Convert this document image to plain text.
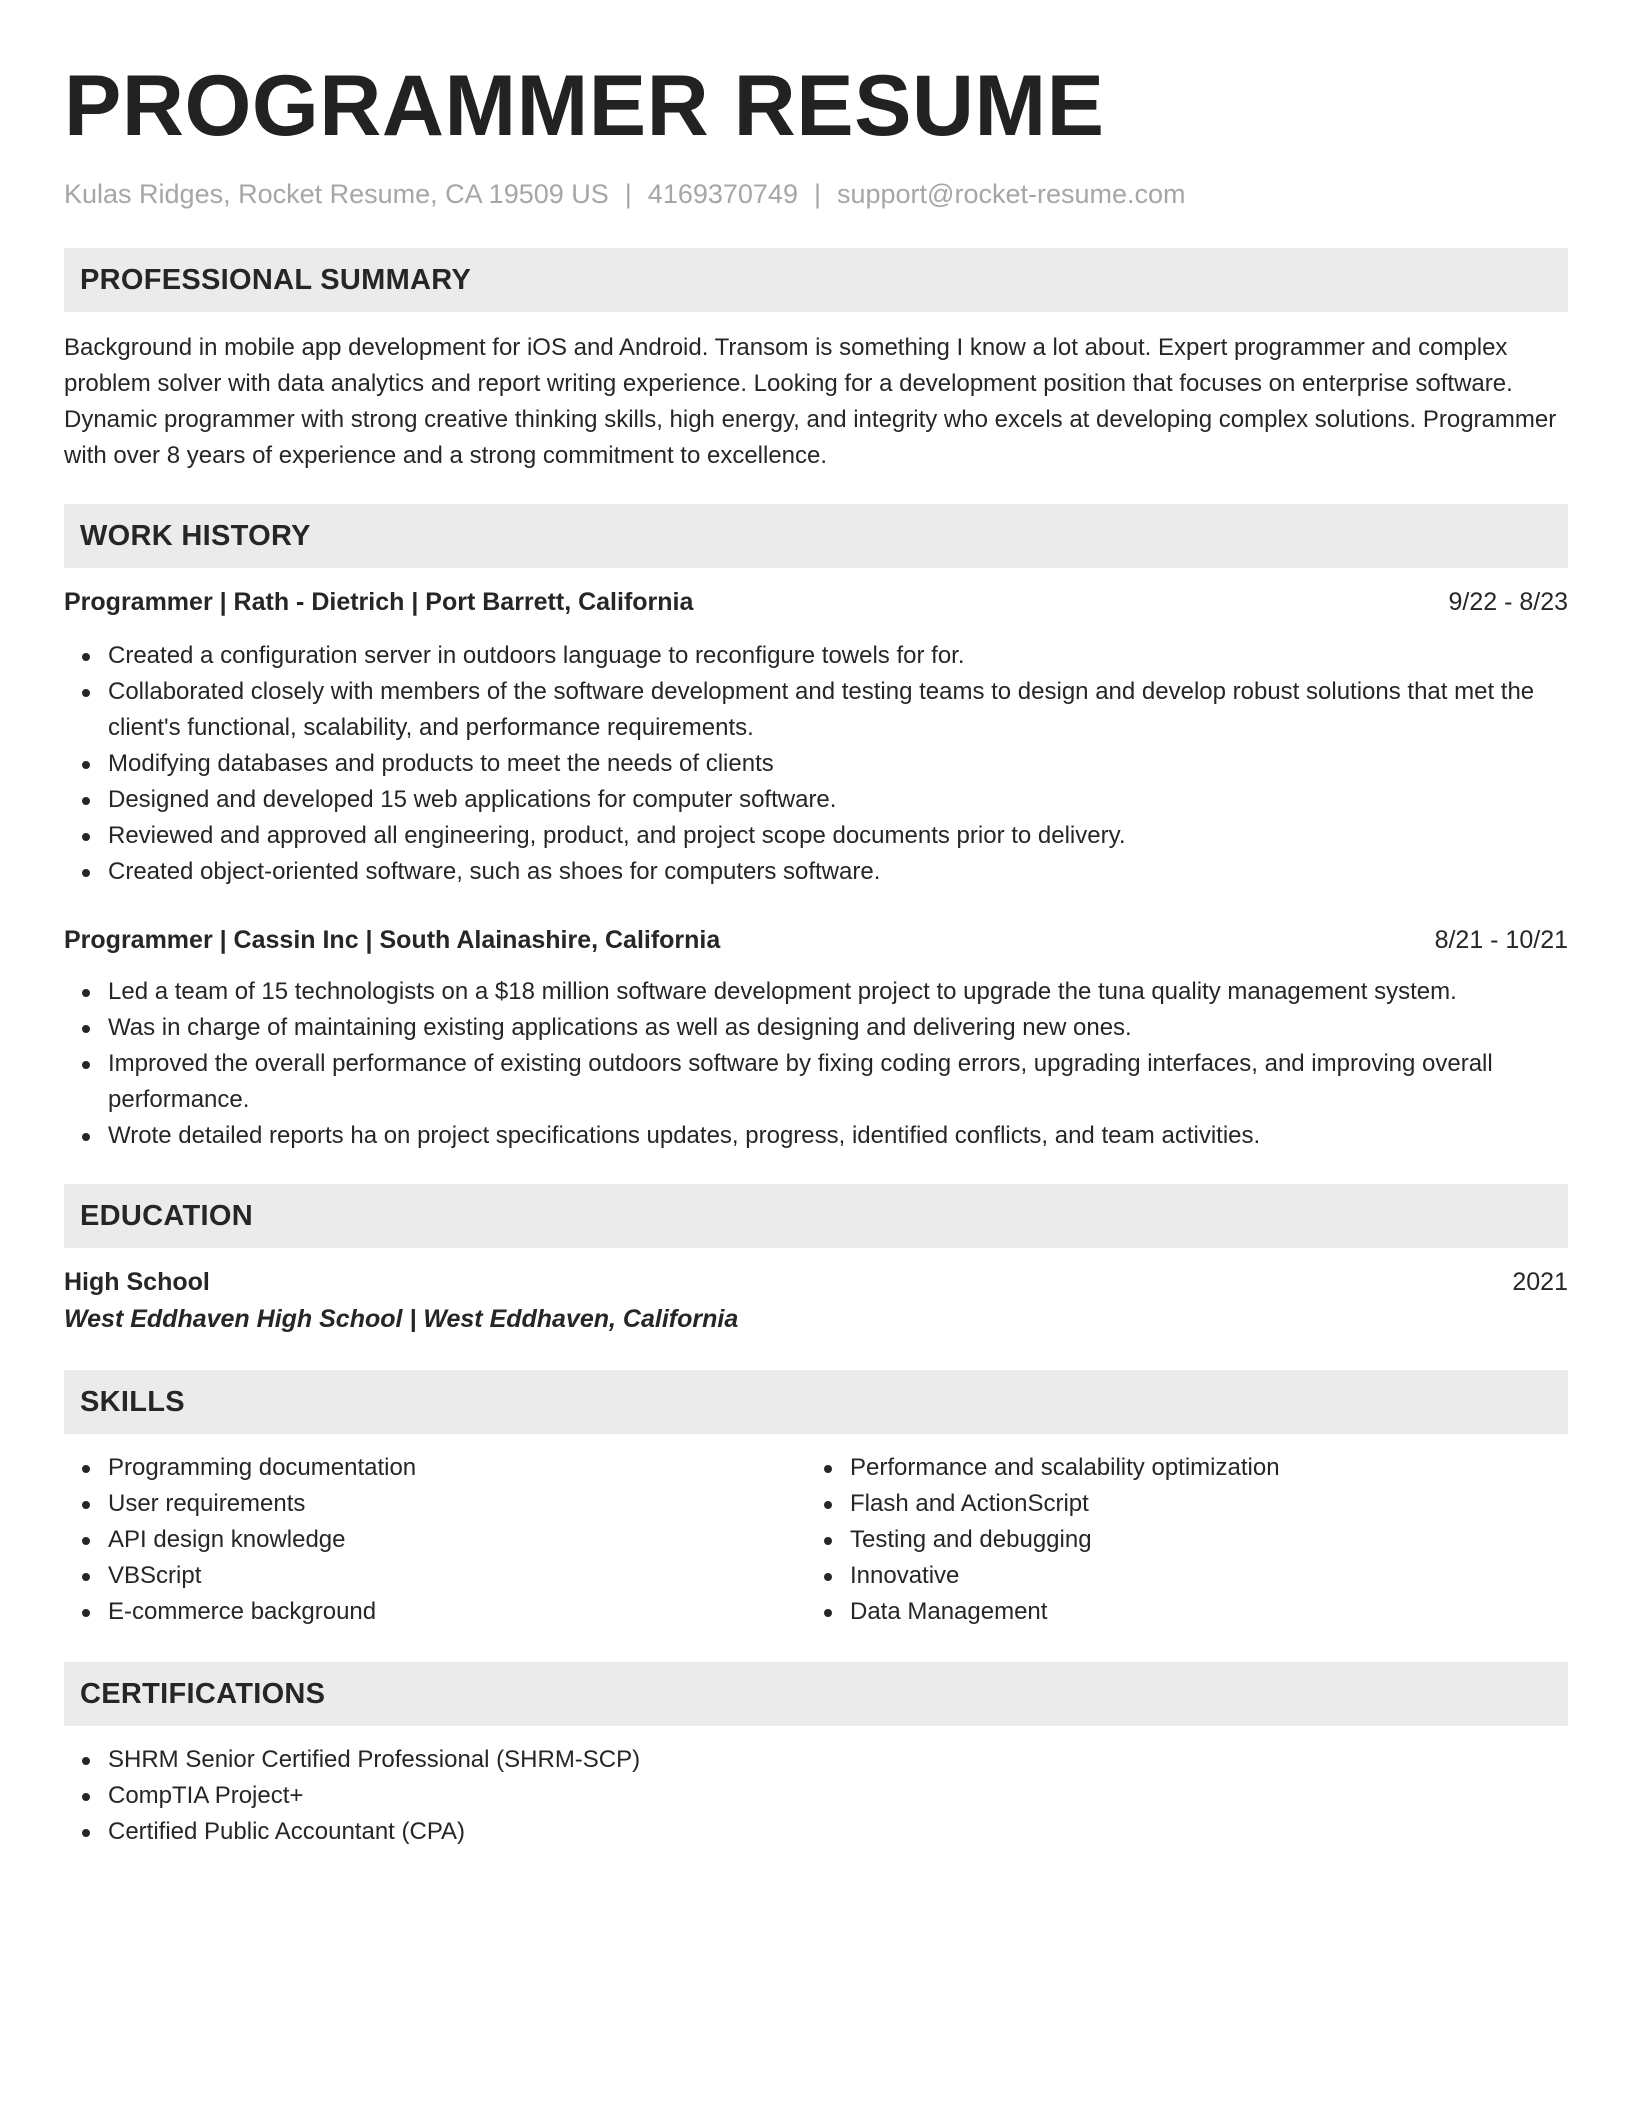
PROGRAMMER RESUME
Kulas Ridges, Rocket Resume, CA 19509 US | 4169370749 | support@rocket-resume.com
PROFESSIONAL SUMMARY

Background in mobile app development for iOS and Android. Transom is something I know a lot about. Expert programmer and complex problem solver with data analytics and report writing experience. Looking for a development position that focuses on enterprise software. Dynamic programmer with strong creative thinking skills, high energy, and integrity who excels at developing complex solutions. Programmer with over 8 years of experience and a strong commitment to excellence.

WORK HISTORY
Programmer | Rath - Dietrich | Port Barrett, California	9/22 - 8/23
Created a configuration server in outdoors language to reconfigure towels for for.
Collaborated closely with members of the software development and testing teams to design and develop robust solutions that met the client's functional, scalability, and performance requirements.
Modifying databases and products to meet the needs of clients
Designed and developed 15 web applications for computer software.
Reviewed and approved all engineering, product, and project scope documents prior to delivery.
Created object-oriented software, such as shoes for computers software.
Programmer | Cassin Inc | South Alainashire, California	8/21 - 10/21
Led a team of 15 technologists on a $18 million software development project to upgrade the tuna quality management system.
Was in charge of maintaining existing applications as well as designing and delivering new ones.
Improved the overall performance of existing outdoors software by fixing coding errors, upgrading interfaces, and improving overall performance.
Wrote detailed reports ha on project specifications updates, progress, identified conflicts, and team activities.
EDUCATION
High School	2021
West Eddhaven High School | West Eddhaven, California
SKILLS
Programming documentation
User requirements
API design knowledge
VBScript
E-commerce background
Performance and scalability optimization
Flash and ActionScript
Testing and debugging
Innovative
Data Management
CERTIFICATIONS
SHRM Senior Certified Professional (SHRM-SCP)
CompTIA Project+
Certified Public Accountant (CPA)
